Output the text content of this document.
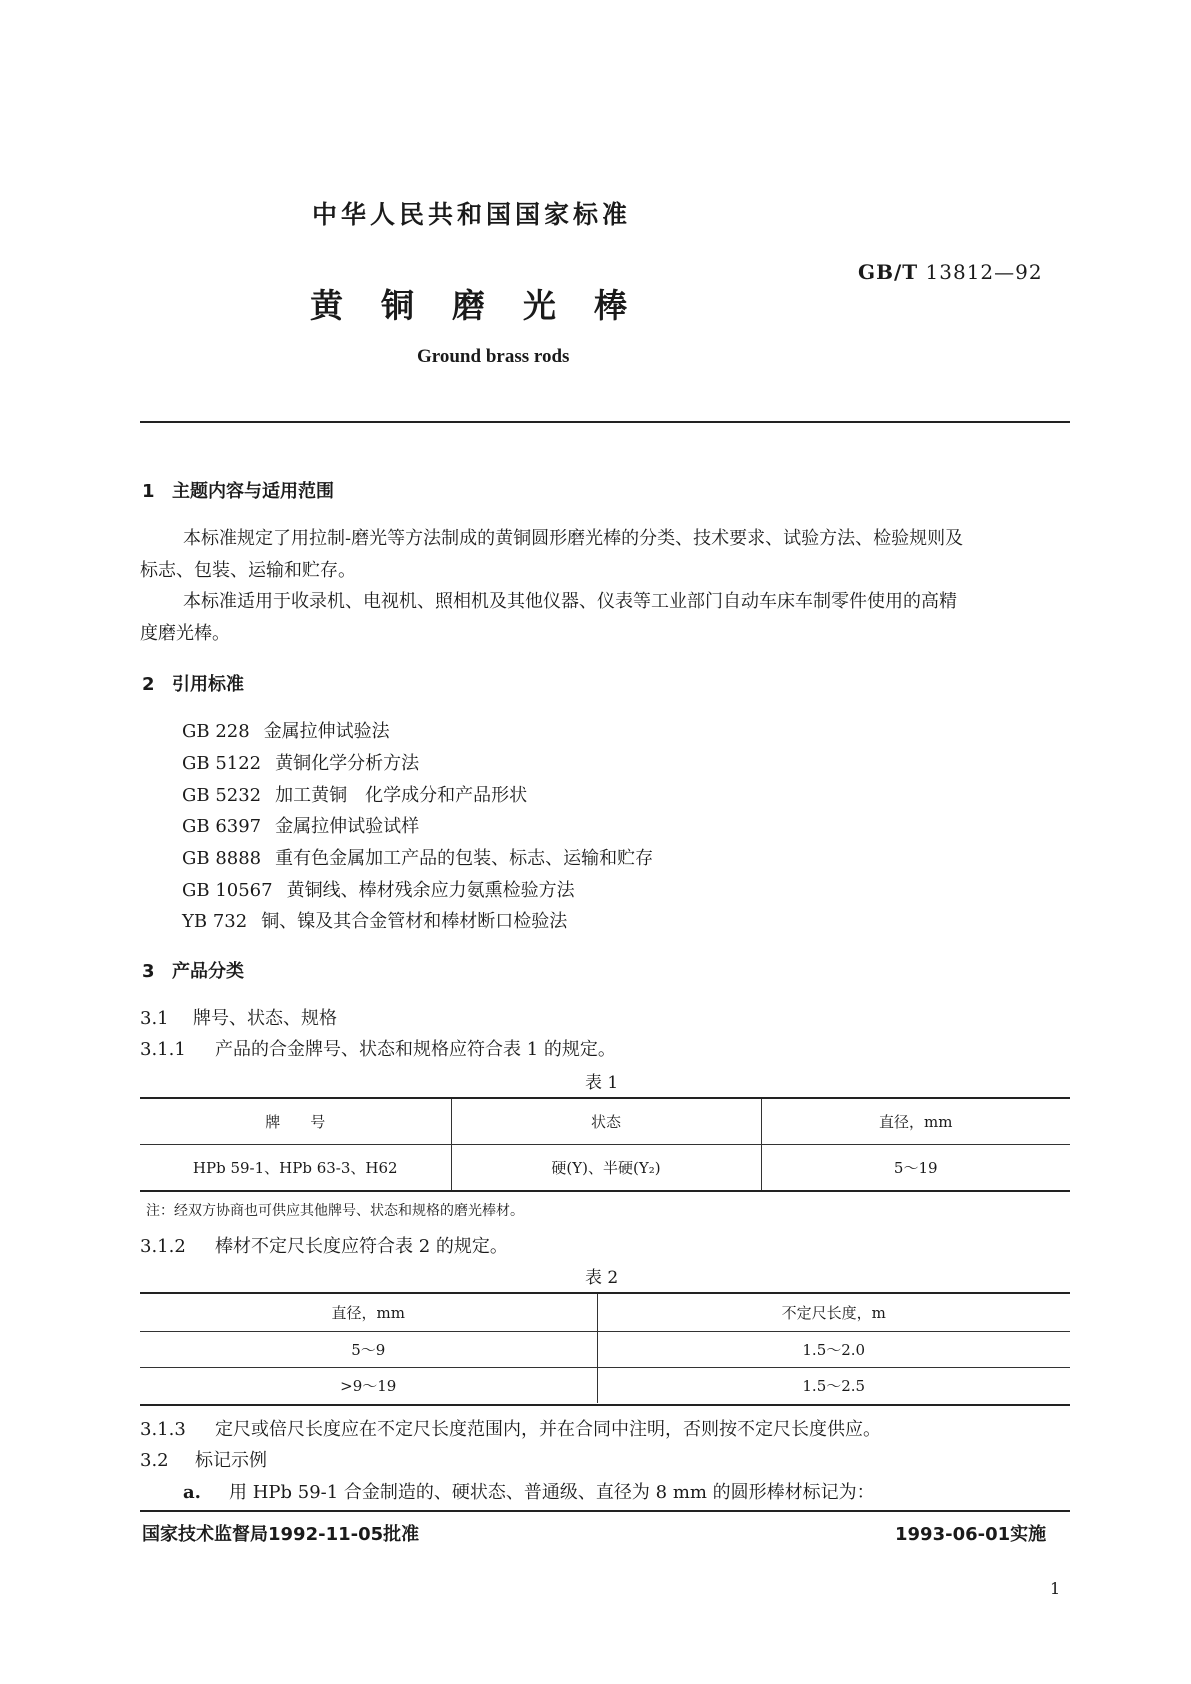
中华人民共和国国家标准
GB/T 13812—92
黄铜磨光棒
Ground brass rods
1 主题内容与适用范围
本标准规定了用拉制-磨光等方法制成的黄铜圆形磨光棒的分类、技术要求、试验方法、检验规则及
标志、包装、运输和贮存。
本标准适用于收录机、电视机、照相机及其他仪器、仪表等工业部门自动车床车制零件使用的高精
度磨光棒。
2 引用标准
GB 228 金属拉伸试验法
GB 5122 黄铜化学分析方法
GB 5232 加工黄铜　化学成分和产品形状
GB 6397 金属拉伸试验试样
GB 8888 重有色金属加工产品的包装、标志、运输和贮存
GB 10567 黄铜线、棒材残余应力氨熏检验方法
YB 732 铜、镍及其合金管材和棒材断口检验法
3 产品分类
3.1 牌号、状态、规格
3.1.1 产品的合金牌号、状态和规格应符合表 1 的规定。
表 1
牌　　号	状态	直径，mm
HPb 59-1、HPb 63-3、H62	硬(Y)、半硬(Y₂)	5～19
注：经双方协商也可供应其他牌号、状态和规格的磨光棒材。
3.1.2 棒材不定尺长度应符合表 2 的规定。
表 2
直径，mm	不定尺长度，m
5～9	1.5～2.0
>9～19	1.5～2.5
3.1.3 定尺或倍尺长度应在不定尺长度范围内，并在合同中注明，否则按不定尺长度供应。
3.2 标记示例
a. 用 HPb 59-1 合金制造的、硬状态、普通级、直径为 8 mm 的圆形棒材标记为：
国家技术监督局1992-11-05批准	1993-06-01实施
1
